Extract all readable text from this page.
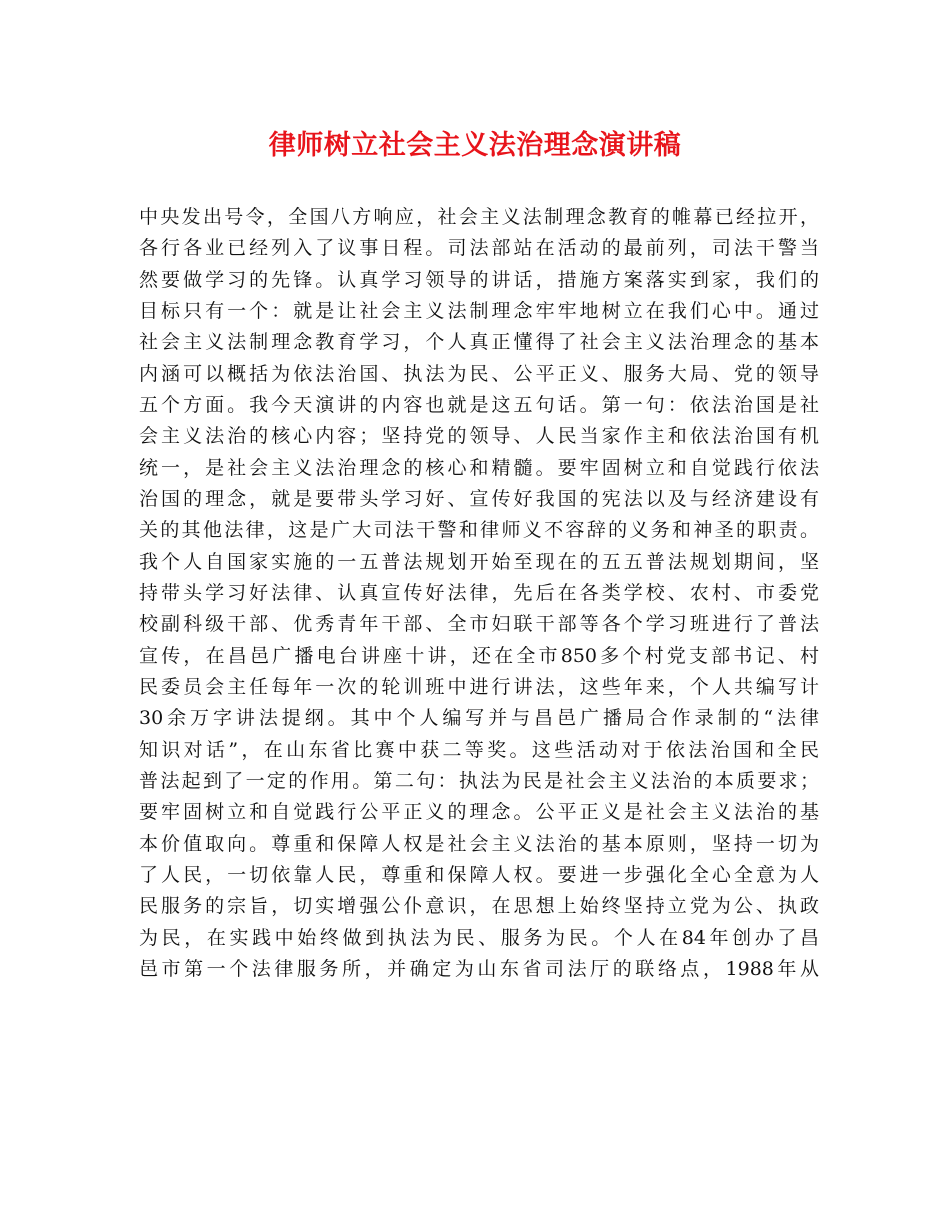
律师树立社会主义法治理念演讲稿
中央发出号令，全国八方响应，社会主义法制理念教育的帷幕已经拉开，
各行各业已经列入了议事日程。司法部站在活动的最前列，司法干警当
然要做学习的先锋。认真学习领导的讲话，措施方案落实到家，我们的
目标只有一个：就是让社会主义法制理念牢牢地树立在我们心中。通过
社会主义法制理念教育学习，个人真正懂得了社会主义法治理念的基本
内涵可以概括为依法治国、执法为民、公平正义、服务大局、党的领导
五个方面。我今天演讲的内容也就是这五句话。第一句：依法治国是社
会主义法治的核心内容；坚持党的领导、人民当家作主和依法治国有机
统一，是社会主义法治理念的核心和精髓。要牢固树立和自觉践行依法
治国的理念，就是要带头学习好、宣传好我国的宪法以及与经济建设有
关的其他法律，这是广大司法干警和律师义不容辞的义务和神圣的职责。
我个人自国家实施的一五普法规划开始至现在的五五普法规划期间，坚
持带头学习好法律、认真宣传好法律，先后在各类学校、农村、市委党
校副科级干部、优秀青年干部、全市妇联干部等各个学习班进行了普法
宣传，在昌邑广播电台讲座十讲，还在全市850多个村党支部书记、村
民委员会主任每年一次的轮训班中进行讲法，这些年来，个人共编写计
30余万字讲法提纲。其中个人编写并与昌邑广播局合作录制的“法律
知识对话”，在山东省比赛中获二等奖。这些活动对于依法治国和全民
普法起到了一定的作用。第二句：执法为民是社会主义法治的本质要求；
要牢固树立和自觉践行公平正义的理念。公平正义是社会主义法治的基
本价值取向。尊重和保障人权是社会主义法治的基本原则，坚持一切为
了人民，一切依靠人民，尊重和保障人权。要进一步强化全心全意为人
民服务的宗旨，切实增强公仆意识，在思想上始终坚持立党为公、执政
为民，在实践中始终做到执法为民、服务为民。个人在84年创办了昌
邑市第一个法律服务所，并确定为山东省司法厅的联络点，1988年从
